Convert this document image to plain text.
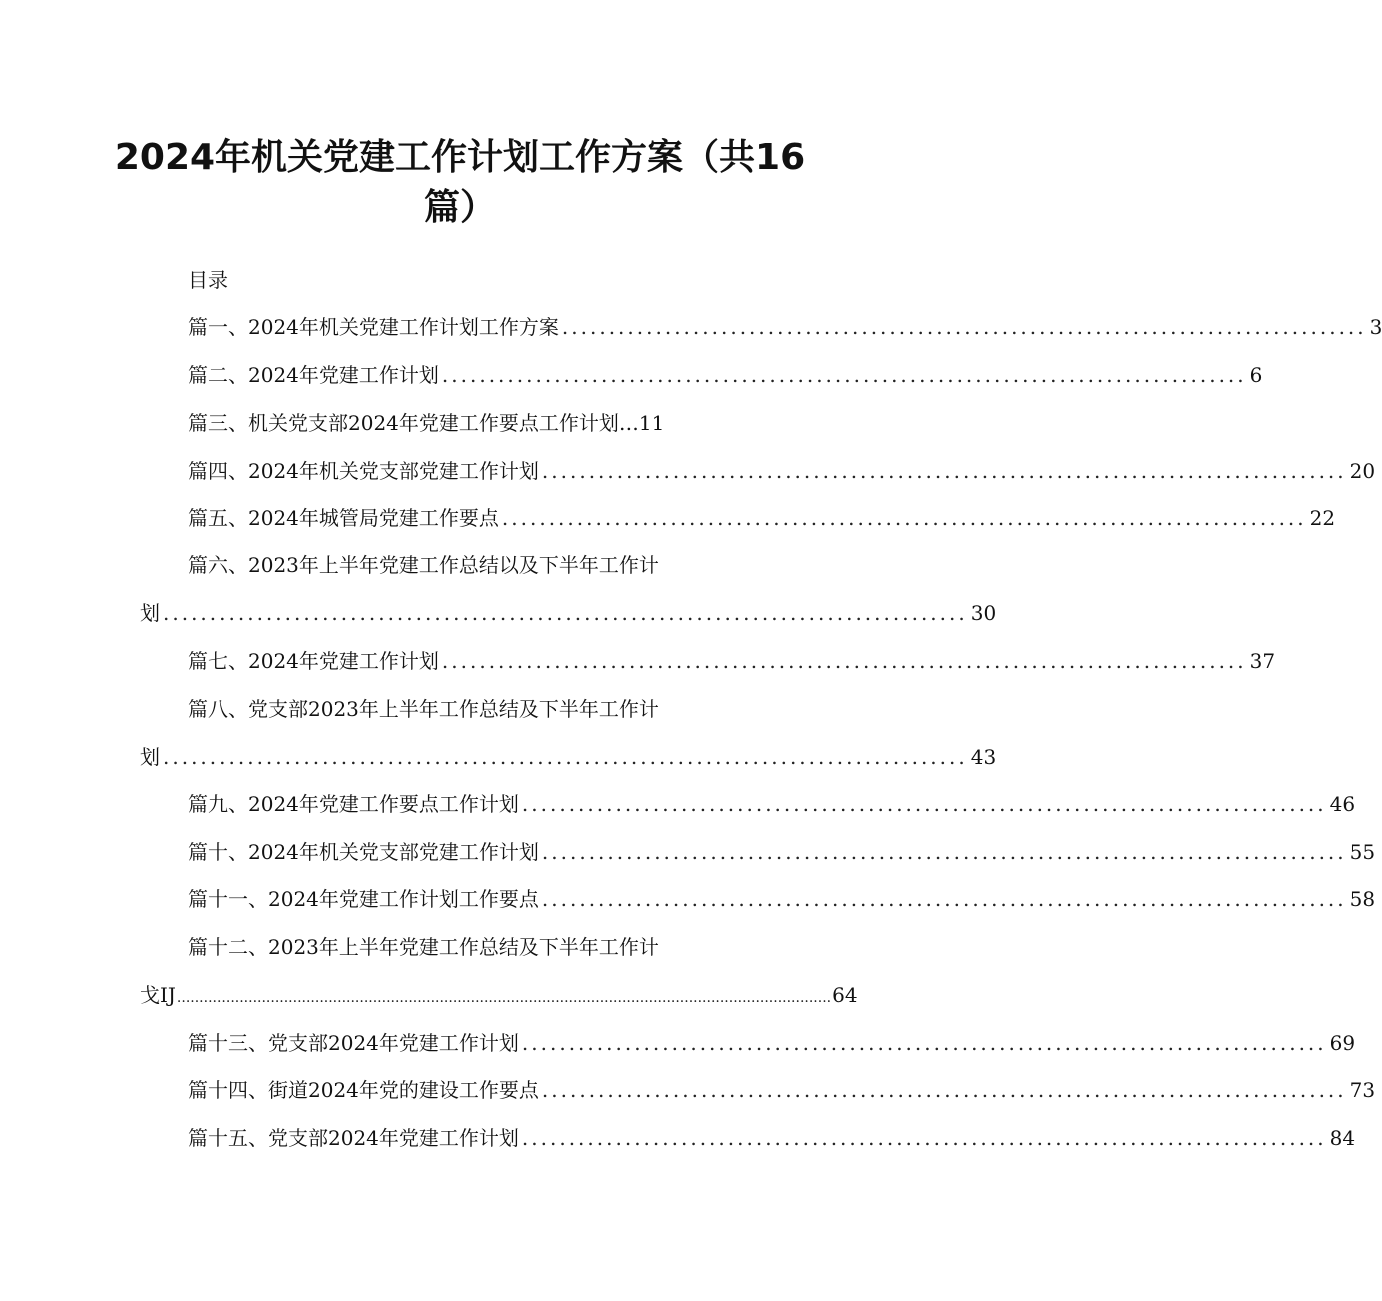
2024年机关党建工作计划工作方案（共16
篇）
目录
篇一、2024年机关党建工作计划工作方案 ...................................................................................... 3
篇二、2024年党建工作计划 ...................................................................................... 6
篇三、机关党支部2024年党建工作要点工作计划…11
篇四、2024年机关党支部党建工作计划 ...................................................................................... 20
篇五、2024年城管局党建工作要点 ...................................................................................... 22
篇六、2023年上半年党建工作总结以及下半年工作计
划 ...................................................................................... 30
篇七、2024年党建工作计划 ...................................................................................... 37
篇八、党支部2023年上半年工作总结及下半年工作计
划 ...................................................................................... 43
篇九、2024年党建工作要点工作计划 ...................................................................................... 46
篇十、2024年机关党支部党建工作计划 ...................................................................................... 55
篇十一、2024年党建工作计划工作要点 ...................................................................................... 58
篇十二、2023年上半年党建工作总结及下半年工作计
戈IJ ................................................................................................................................................... 64
篇十三、党支部2024年党建工作计划 ...................................................................................... 69
篇十四、街道2024年党的建设工作要点 ...................................................................................... 73
篇十五、党支部2024年党建工作计划 ...................................................................................... 84
